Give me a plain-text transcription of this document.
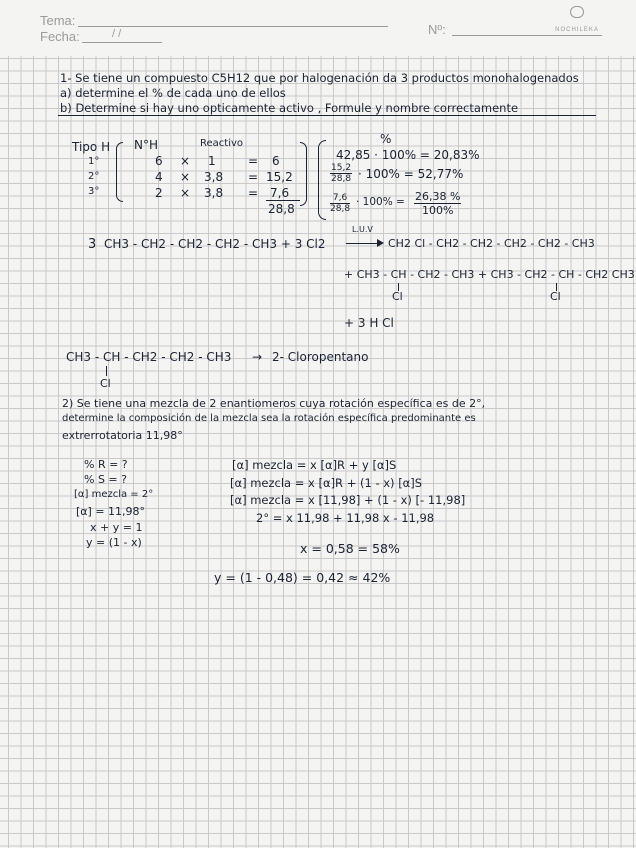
Tema:
Fecha:	/ /	Nº:	NOCHILEKA
1- Se tiene un compuesto C5H12 que por halogenación da 3 productos monohalogenados
a) determine el % de cada uno de ellos
b) Determine si hay uno opticamente activo , Formule y nombre correctamente
Tipo H N°H	Reactivo
1°	6 × 1	= 6
2°	4 × 3,8 = 15,2
3°	2 × 3,8 = 7,6
28,8
%
42,85 · 100% = 20,83%
$\frac{15,2}{28,8} \cdot 100\% = 52,77\%$
$\frac{7,6}{28,8} \cdot 100\% = \frac{26,38 \%}{100\%}$
3 CH3 - CH2 - CH2 - CH2 - CH3 + 3 Cl2
L.U.V
CH2 Cl - CH2 - CH2 - CH2 - CH2 - CH3
+ CH3 - CH - CH2 - CH3 + CH3 - CH2 - CH - CH2 CH3
Cl	Cl
+ 3 H Cl
CH3 - CH - CH2 - CH2 - CH3 → 2- Cloropentano
Cl
2) Se tiene una mezcla de 2 enantiomeros cuya rotación específica es de 2°,
determine la composición de la mezcla sea la rotación específica predominante es
extrerrotatoria 11,98°
% R = ?
% S = ?
[α] mezcla = 2°
[α] = 11,98°
x + y = 1
y = (1 - x)
[α] mezcla = x [α]R + y [α]S
[α] mezcla = x [α]R + (1 - x) [α]S
[α] mezcla = x [11,98] + (1 - x) [- 11,98]
2° = x 11,98 + 11,98 x - 11,98
x = 0,58 = 58%
y = (1 - 0,48) = 0,42 ≈ 42%
